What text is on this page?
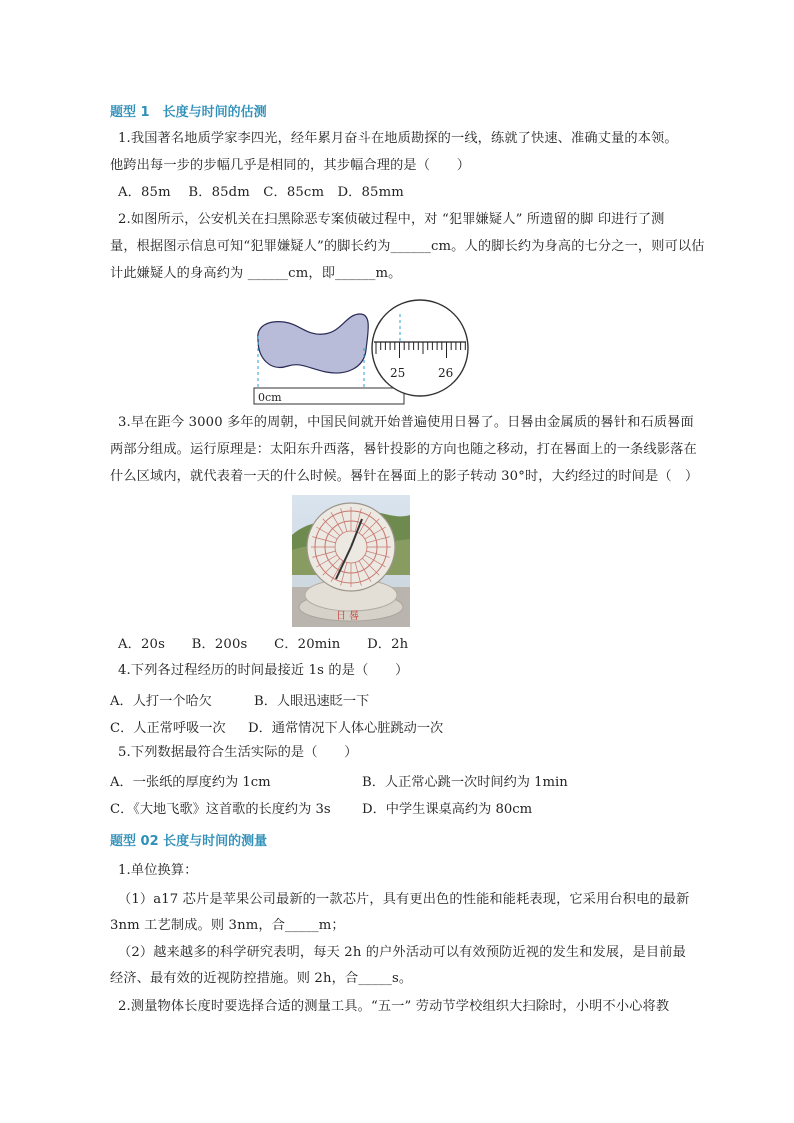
题型 1　长度与时间的估测
1.我国著名地质学家李四光，经年累月奋斗在地质勘探的一线，练就了快速、准确丈量的本领。
他跨出每一步的步幅几乎是相同的，其步幅合理的是（　　）
A．85m　 B．85dm　C．85cm　D．85mm
2.如图所示，公安机关在扫黑除恶专案侦破过程中，对 “犯罪嫌疑人” 所遗留的脚 印进行了测
量，根据图示信息可知“犯罪嫌疑人”的脚长约为______cm。人的脚长约为身高的七分之一，则可以估
计此嫌疑人的身高约为 ______cm，即______m。
0cm
25	26
3.早在距今 3000 多年的周朝，中国民间就开始普遍使用日晷了。日晷由金属质的晷针和石质晷面
两部分组成。运行原理是：太阳东升西落，晷针投影的方向也随之移动，打在晷面上的一条线影落在
什么区域内，就代表着一天的什么时候。晷针在晷面上的影子转动 30°时，大约经过的时间是（　）
日 晷
A．20s　　B．200s　　C．20min　　D．2h
4.下列各过程经历的时间最接近 1s 的是（　　）
A．人打一个哈欠	B．人眼迅速眨一下
C．人正常呼吸一次 D．通常情况下人体心脏跳动一次
5.下列数据最符合生活实际的是（　　）
A．一张纸的厚度约为 1cm	B．人正常心跳一次时间约为 1min
C．《大地飞歌》这首歌的长度约为 3s D．中学生课桌高约为 80cm
题型 02 长度与时间的测量
1.单位换算：
（1）a17 芯片是苹果公司最新的一款芯片，具有更出色的性能和能耗表现，它采用台积电的最新
3nm 工艺制成。则 3nm，合_____m；
（2）越来越多的科学研究表明，每天 2h 的户外活动可以有效预防近视的发生和发展，是目前最
经济、最有效的近视防控措施。则 2h，合_____s。
2.测量物体长度时要选择合适的测量工具。“五一” 劳动节学校组织大扫除时，小明不小心将教
